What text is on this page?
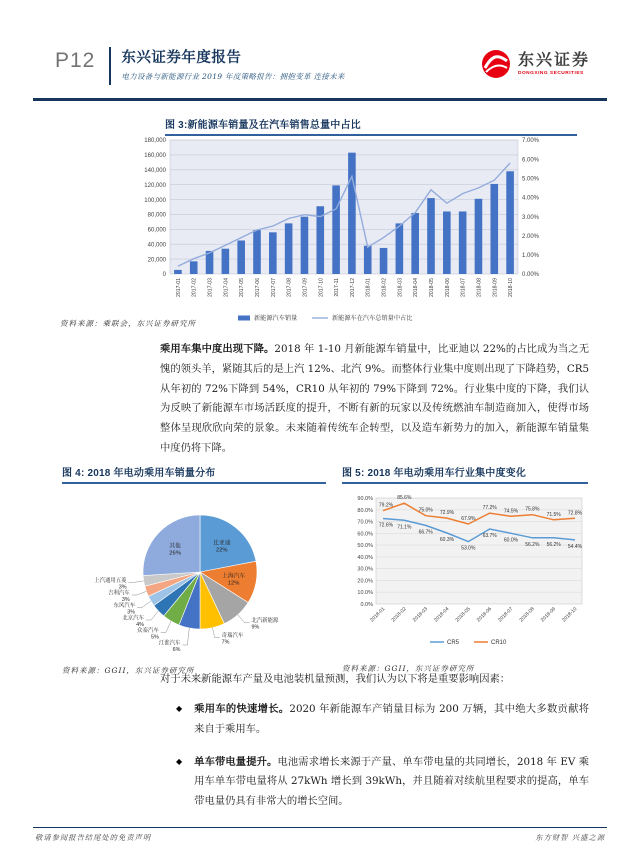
P12 东兴证券年度报告
电力设备与新能源行业 2019 年度策略报告：拥抱变革 连接未来
东兴证券
DONGXING SECURITIES
图 3:新能源车销量及在汽车销售总量中占比
0
20,000
40,000
60,000
80,000
100,000
120,000
140,000
160,000
180,000
0.00%
1.00%
2.00%
3.00%
4.00%
5.00%
6.00%
7.00%
2017-01 2017-02 2017-03 2017-04 2017-05 2017-06 2017-07 2017-08 2017-09 2017-10 2017-11 2017-12 2018-01 2018-02 2018-03 2018-04 2018-05 2018-06 2018-07 2018-08 2018-09 2018-10
新能源汽车销量	新能源车在汽车总销量中占比
资料来源：乘联会，东兴证券研究所
乘用车集中度出现下降。2018 年 1-10 月新能源车销量中，比亚迪以 22%的占比成为当之无愧的领头羊，紧随其后的是上汽 12%、北汽 9%。而整体行业集中度则出现了下降趋势，CR5 从年初的 72%下降到 54%，CR10 从年初的 79%下降到 72%。行业集中度的下降，我们认为反映了新能源车市场活跃度的提升，不断有新的玩家以及传统燃油车制造商加入，使得市场整体呈现欣欣向荣的景象。未来随着传统车企转型，以及造车新势力的加入，新能源车销量集中度仍将下降。
图 4: 2018 年电动乘用车销量分布
比亚迪
22%
上海汽车
12%
其他
26%
上汽通用五菱
3%
吉利汽车
3%
东风汽车
3%
北京汽车
4%
众泰汽车
5%
江淮汽车
6%
北汽新能源
9%
奇瑞汽车
7%
资料来源：GGII，东兴证券研究所
图 5: 2018 年电动乘用车行业集中度变化
0.0%
10.0%
20.0%
30.0%
40.0%
50.0%
60.0%
70.0%
80.0%
90.0%
72.6% 71.1%
66.7%
60.3%
53.0%
63.7%
60.0%
56.2% 56.2% 54.4%
79.2%
85.6%
75.0% 72.9%
67.9%
77.2%
74.5% 75.8%
71.5% 72.8%
2018-01 2018-02 2018-03 2018-04 2018-05 2018-06 2018-07 2018-08 2018-09 2018-10
CR5	CR10
资料来源：GGII，东兴证券研究所
对于未来新能源车产量及电池装机量预测，我们认为以下将是重要影响因素：
◆ 乘用车的快速增长。2020 年新能源车产销量目标为 200 万辆，其中绝大多数贡献将来自于乘用车。
◆ 单车带电量提升。电池需求增长来源于产量、单车带电量的共同增长，2018 年 EV 乘用车单车带电量将从 27kWh 增长到 39kWh，并且随着对续航里程要求的提高，单车带电量仍具有非常大的增长空间。
敬请参阅报告结尾处的免责声明	东方财智 兴盛之源
